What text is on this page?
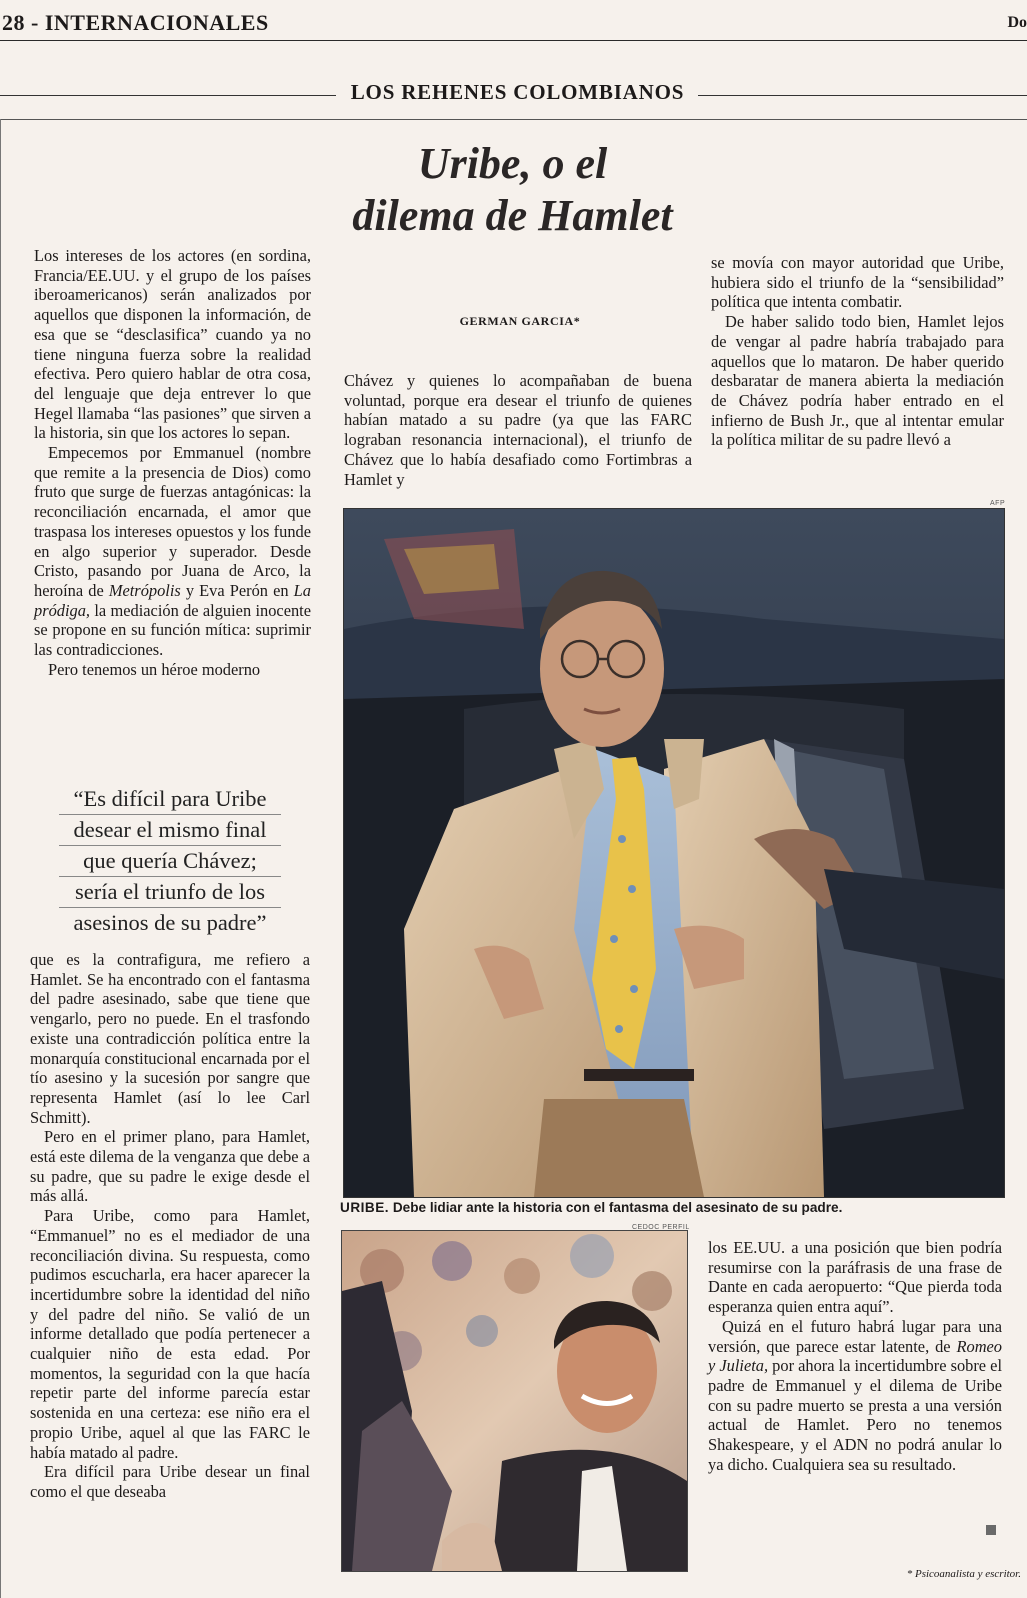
28 - INTERNACIONALES	Do
LOS REHENES COLOMBIANOS
Uribe, o el
dilema de Hamlet
GERMAN GARCIA*

Los intereses de los actores (en sordina, Francia/EE.UU. y el grupo de los países iberoamericanos) serán analizados por aquellos que disponen la información, de esa que se “desclasifica” cuando ya no tiene ninguna fuerza sobre la realidad efectiva. Pero quiero hablar de otra cosa, del lenguaje que deja entrever lo que Hegel llamaba “las pasiones” que sirven a la historia, sin que los actores lo sepan.

Empecemos por Emmanuel (nombre que remite a la presencia de Dios) como fruto que surge de fuerzas antagónicas: la reconciliación encarnada, el amor que traspasa los intereses opuestos y los funde en algo superior y superador. Desde Cristo, pasando por Juana de Arco, la heroína de Metrópolis y Eva Perón en La pródiga, la mediación de alguien inocente se propone en su función mítica: suprimir las contradicciones.

Pero tenemos un héroe moderno

“Es difícil para Uribe
desear el mismo final
que quería Chávez;
sería el triunfo de los
asesinos de su padre”

que es la contrafigura, me refiero a Hamlet. Se ha encontrado con el fantasma del padre asesinado, sabe que tiene que vengarlo, pero no puede. En el trasfondo existe una contradicción política entre la monarquía constitucional encarnada por el tío asesino y la sucesión por sangre que representa Hamlet (así lo lee Carl Schmitt).

Pero en el primer plano, para Hamlet, está este dilema de la venganza que debe a su padre, que su padre le exige desde el más allá.

Para Uribe, como para Hamlet, “Emmanuel” no es el mediador de una reconciliación divina. Su respuesta, como pudimos escucharla, era hacer aparecer la incertidumbre sobre la identidad del niño y del padre del niño. Se valió de un informe detallado que podía pertenecer a cualquier niño de esta edad. Por momentos, la seguridad con la que hacía repetir parte del informe parecía estar sostenida en una certeza: ese niño era el propio Uribe, aquel al que las FARC le había matado al padre.

Era difícil para Uribe desear un final como el que deseaba

Chávez y quienes lo acompañaban de buena voluntad, porque era desear el triunfo de quienes habían matado a su padre (ya que las FARC lograban resonancia internacional), el triunfo de Chávez que lo había desafiado como Fortimbras a Hamlet y

se movía con mayor autoridad que Uribe, hubiera sido el triunfo de la “sensibilidad” política que intenta combatir.

De haber salido todo bien, Hamlet lejos de vengar al padre habría trabajado para aquellos que lo mataron. De haber querido desbaratar de manera abierta la mediación de Chávez podría haber entrado en el infierno de Bush Jr., que al intentar emular la política militar de su padre llevó a

AFP
URIBE. Debe lidiar ante la historia con el fantasma del asesinato de su padre.
CEDOC PERFIL

los EE.UU. a una posición que bien podría resumirse con la paráfrasis de una frase de Dante en cada aeropuerto: “Que pierda toda esperanza quien entra aquí”.

Quizá en el futuro habrá lugar para una versión, que parece estar latente, de Romeo y Julieta, por ahora la incertidumbre sobre el padre de Emmanuel y el dilema de Uribe con su padre muerto se presta a una versión actual de Hamlet. Pero no tenemos Shakespeare, y el ADN no podrá anular lo ya dicho. Cualquiera sea su resultado.

* Psicoanalista y escritor.
